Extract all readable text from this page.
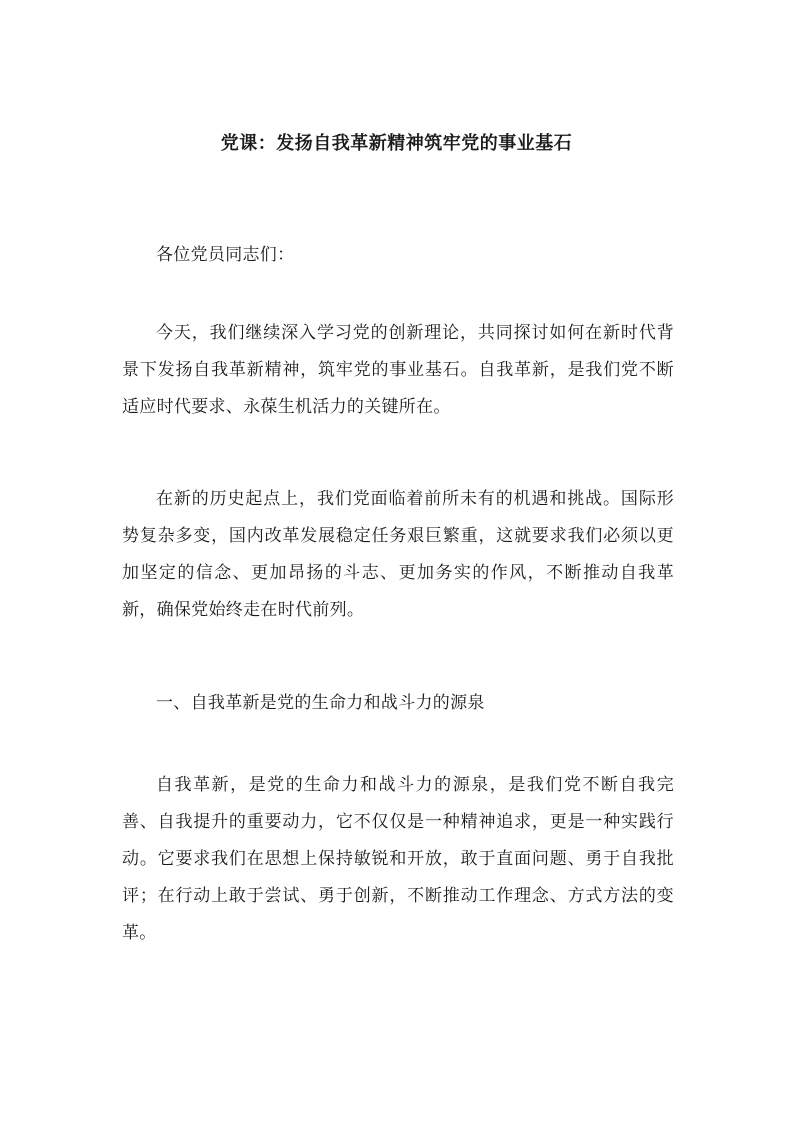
党课：发扬自我革新精神筑牢党的事业基石

各位党员同志们：

今天，我们继续深入学习党的创新理论，共同探讨如何在新时代背景下发扬自我革新精神，筑牢党的事业基石。自我革新，是我们党不断适应时代要求、永葆生机活力的关键所在。

在新的历史起点上，我们党面临着前所未有的机遇和挑战。国际形势复杂多变，国内改革发展稳定任务艰巨繁重，这就要求我们必须以更加坚定的信念、更加昂扬的斗志、更加务实的作风，不断推动自我革新，确保党始终走在时代前列。

一、自我革新是党的生命力和战斗力的源泉

自我革新，是党的生命力和战斗力的源泉，是我们党不断自我完善、自我提升的重要动力，它不仅仅是一种精神追求，更是一种实践行动。它要求我们在思想上保持敏锐和开放，敢于直面问题、勇于自我批评；在行动上敢于尝试、勇于创新，不断推动工作理念、方式方法的变革。
